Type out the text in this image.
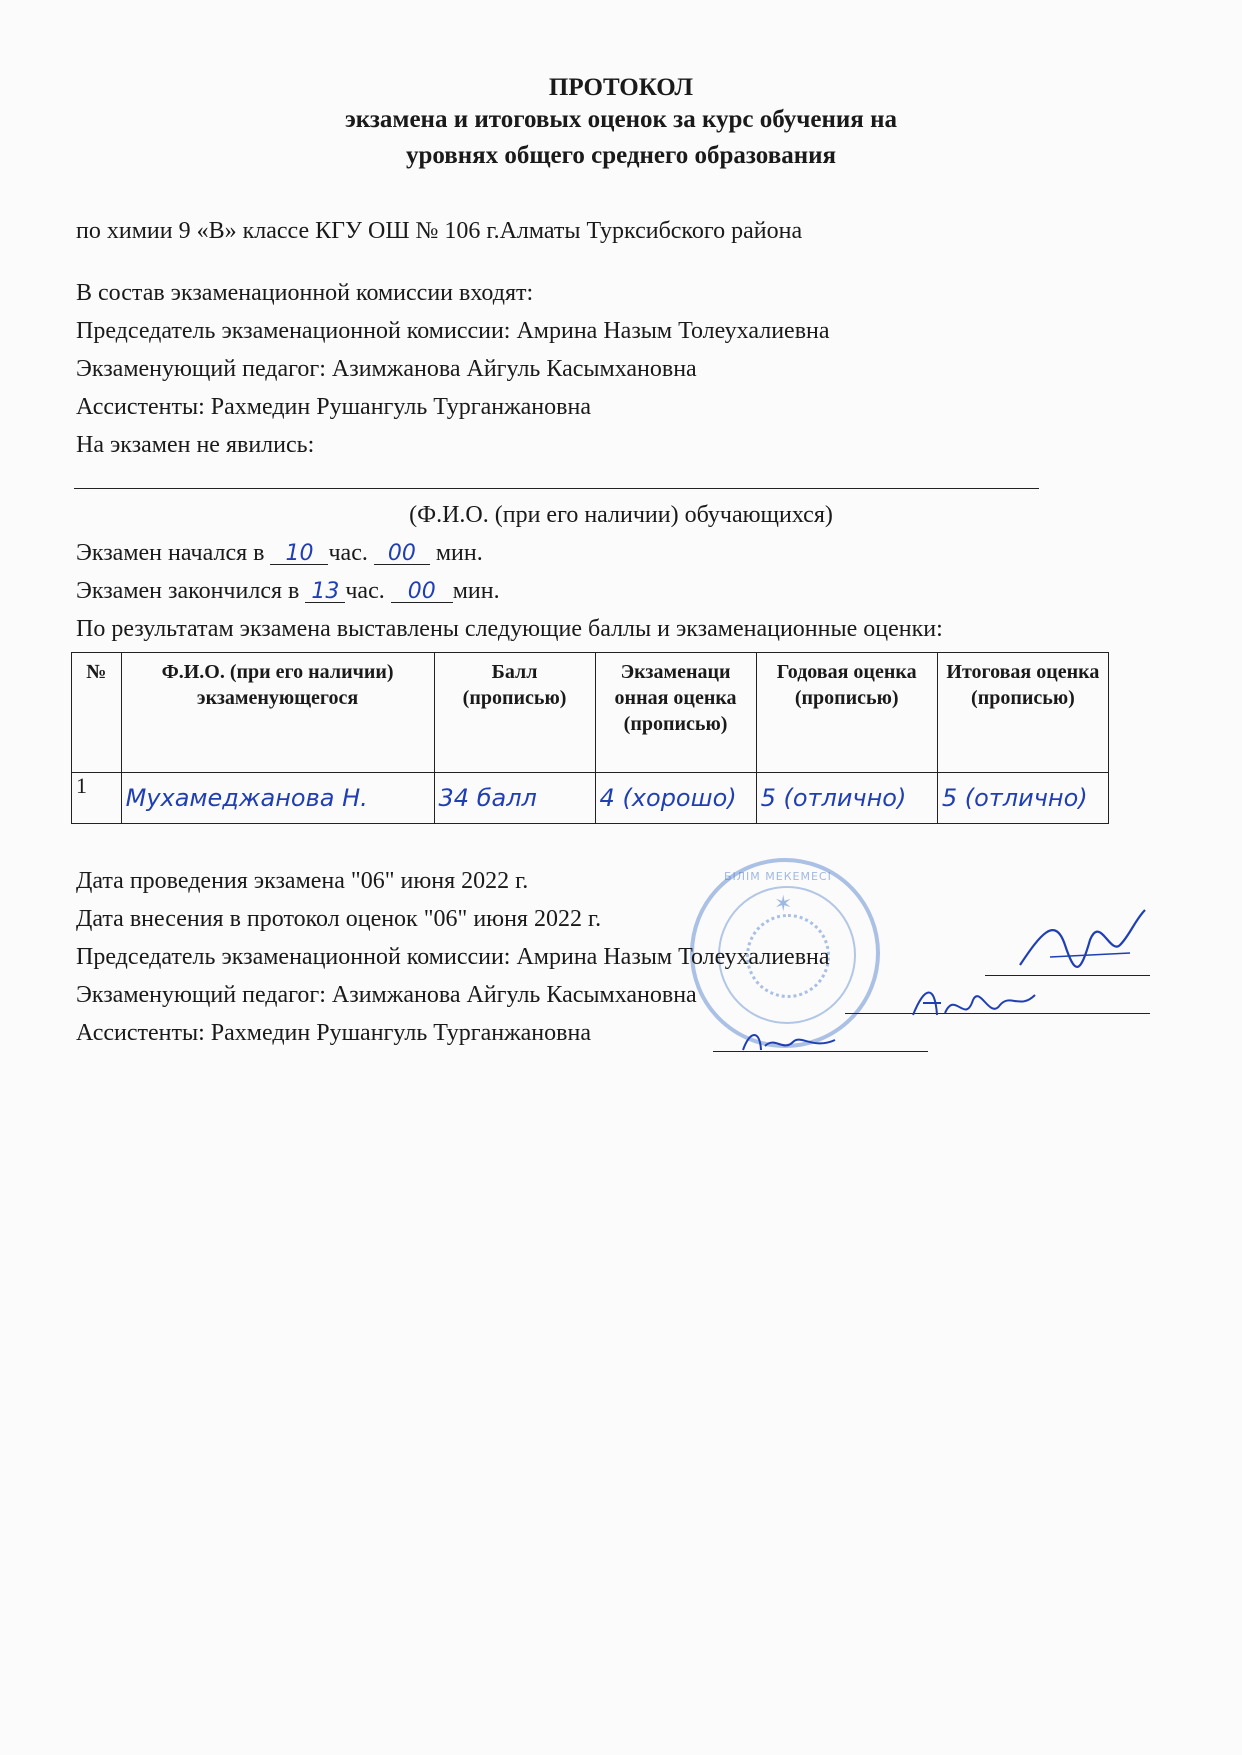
ПРОТОКОЛ
экзамена и итоговых оценок за курс обучения на
уровнях общего среднего образования
по химии 9 «В» классе КГУ ОШ № 106 г.Алматы Турксибского района
В состав экзаменационной комиссии входят:
Председатель экзаменационной комиссии: Амрина Назым Толеухалиевна
Экзаменующий педагог: Азимжанова Айгуль Касымхановна
Ассистенты: Рахмедин Рушангуль Турганжановна
На экзамен не явились:
(Ф.И.О. (при его наличии) обучающихся)
Экзамен начался в 10 час. 00 мин.
Экзамен закончился в 13 час. 00 мин.
По результатам экзамена выставлены следующие баллы и экзаменационные оценки:
№	Ф.И.О. (при его наличии) экзаменующегося	Балл (прописью)	Экзаменаци онная оценка (прописью)	Годовая оценка (прописью)	Итоговая оценка (прописью)
1	Мухамеджанова Н.	34 балл	4 (хорошо)	5 (отлично)	5 (отлично)
Дата проведения экзамена "06" июня 2022 г.
Дата внесения в протокол оценок "06" июня 2022 г.
БІЛІМ МЕКЕМЕСІ
✶
Председатель экзаменационной комиссии: Амрина Назым Толеухалиевна
Экзаменующий педагог: Азимжанова Айгуль Касымхановна
Ассистенты: Рахмедин Рушангуль Турганжановна
